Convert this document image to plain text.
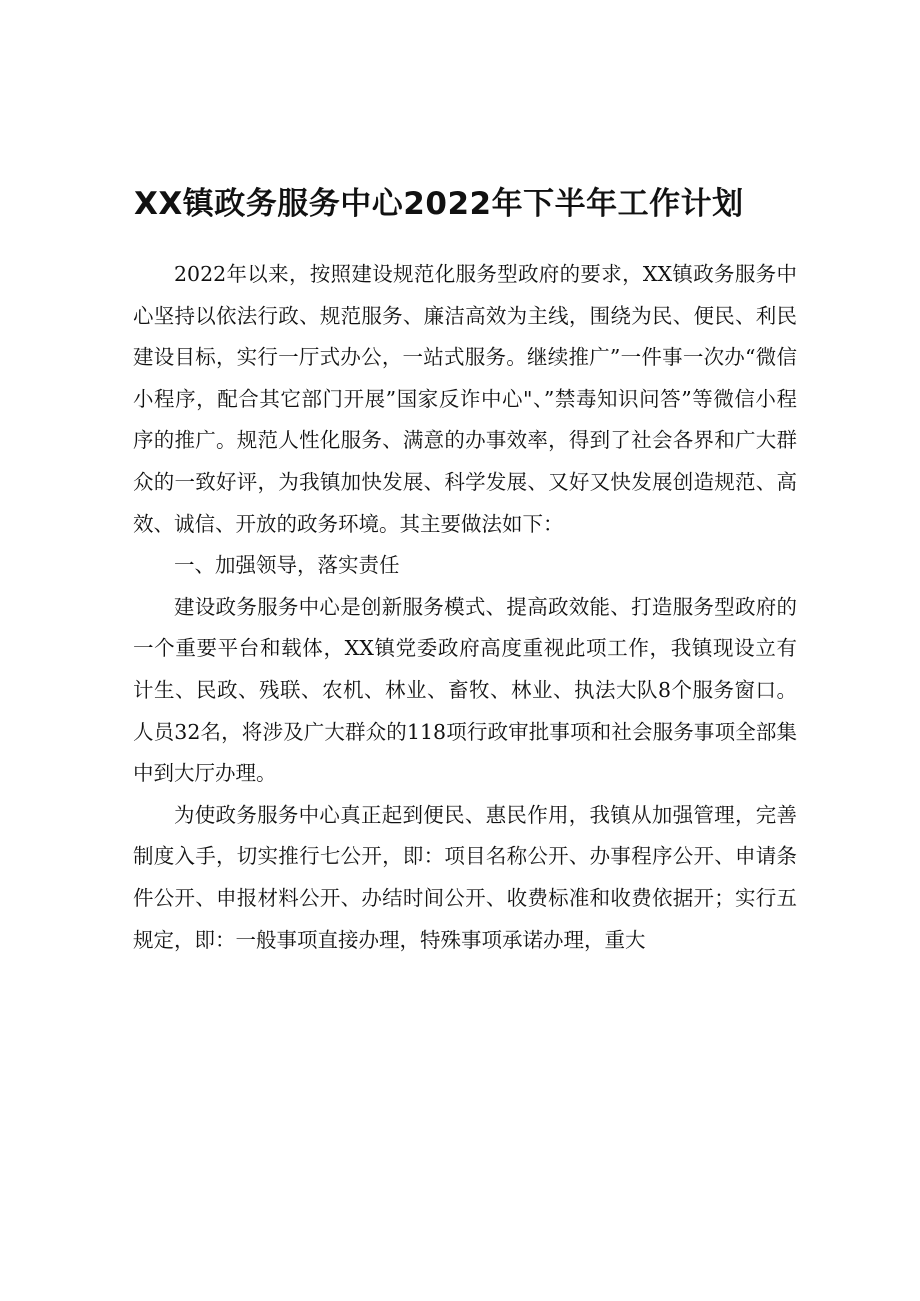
XX镇政务服务中心2022年下半年工作计划

2022年以来，按照建设规范化服务型政府的要求，XX镇政务服务中心坚持以依法行政、规范服务、廉洁高效为主线，围绕为民、便民、利民建设目标，实行一厅式办公，一站式服务。继续推广”一件事一次办“微信小程序，配合其它部门开展”国家反诈中心"、”禁毒知识问答”等微信小程序的推广。规范人性化服务、满意的办事效率，得到了社会各界和广大群众的一致好评，为我镇加快发展、科学发展、又好又快发展创造规范、高效、诚信、开放的政务环境。其主要做法如下：

一、加强领导，落实责任

建设政务服务中心是创新服务模式、提高政效能、打造服务型政府的一个重要平台和载体，XX镇党委政府高度重视此项工作，我镇现设立有计生、民政、残联、农机、林业、畜牧、林业、执法大队8个服务窗口。人员32名，将涉及广大群众的118项行政审批事项和社会服务事项全部集中到大厅办理。

为使政务服务中心真正起到便民、惠民作用，我镇从加强管理，完善制度入手，切实推行七公开，即：项目名称公开、办事程序公开、申请条件公开、申报材料公开、办结时间公开、收费标准和收费依据开；实行五规定，即：一般事项直接办理，特殊事项承诺办理，重大
